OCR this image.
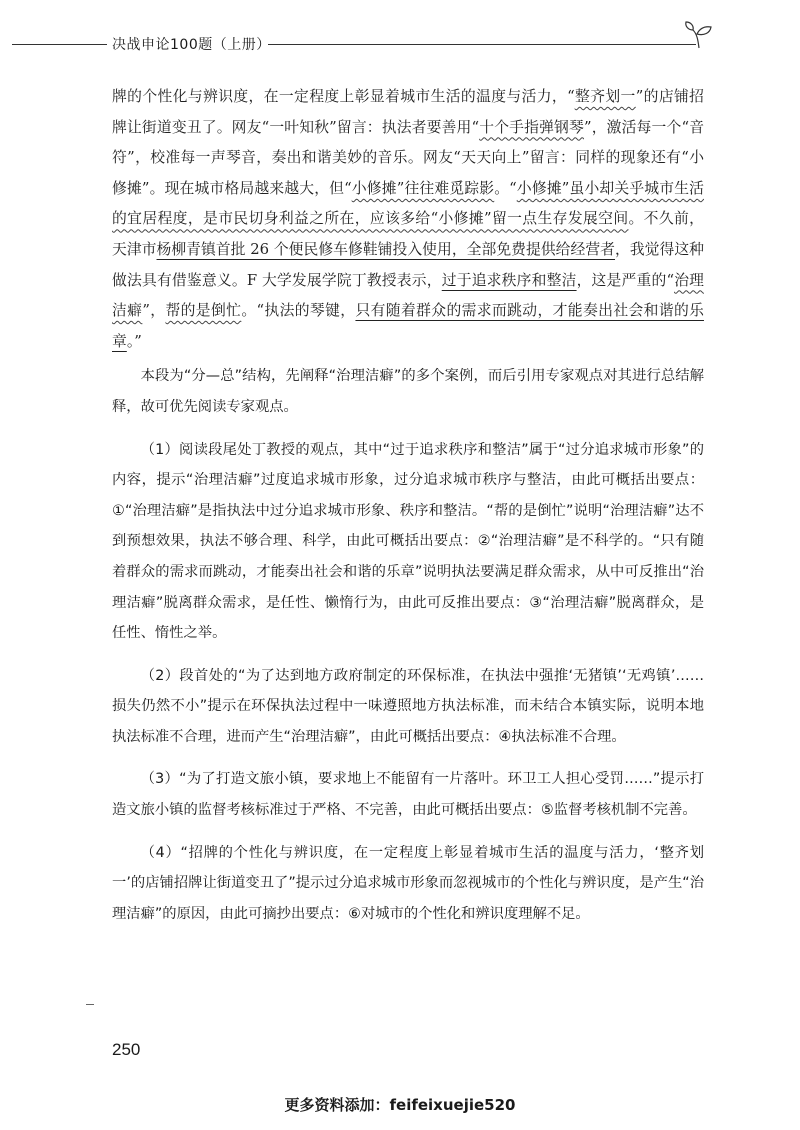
决战申论100题（上册）

牌的个性化与辨识度，在一定程度上彰显着城市生活的温度与活力，“整齐划一”的店铺招牌让街道变丑了。网友“一叶知秋”留言：执法者要善用“十个手指弹钢琴”，激活每一个“音符”，校准每一声琴音，奏出和谐美妙的音乐。网友“天天向上”留言：同样的现象还有“小修摊”。现在城市格局越来越大，但“小修摊”往往难觅踪影。“小修摊”虽小却关乎城市生活的宜居程度，是市民切身利益之所在，应该多给“小修摊”留一点生存发展空间。不久前，天津市杨柳青镇首批 26 个便民修车修鞋铺投入使用，全部免费提供给经营者，我觉得这种做法具有借鉴意义。F 大学发展学院丁教授表示，过于追求秩序和整洁，这是严重的“治理洁癖”，帮的是倒忙。“执法的琴键，只有随着群众的需求而跳动，才能奏出社会和谐的乐章。”

本段为“分—总”结构，先阐释“治理洁癖”的多个案例，而后引用专家观点对其进行总结解释，故可优先阅读专家观点。

（1）阅读段尾处丁教授的观点，其中“过于追求秩序和整洁”属于“过分追求城市形象”的内容，提示“治理洁癖”过度追求城市形象，过分追求城市秩序与整洁，由此可概括出要点：①“治理洁癖”是指执法中过分追求城市形象、秩序和整洁。“帮的是倒忙”说明“治理洁癖”达不到预想效果，执法不够合理、科学，由此可概括出要点：②“治理洁癖”是不科学的。“只有随着群众的需求而跳动，才能奏出社会和谐的乐章”说明执法要满足群众需求，从中可反推出“治理洁癖”脱离群众需求，是任性、懒惰行为，由此可反推出要点：③“治理洁癖”脱离群众，是任性、惰性之举。

（2）段首处的“为了达到地方政府制定的环保标准，在执法中强推‘无猪镇’‘无鸡镇’…… 损失仍然不小”提示在环保执法过程中一味遵照地方执法标准，而未结合本镇实际，说明本地执法标准不合理，进而产生“治理洁癖”，由此可概括出要点：④执法标准不合理。

（3）“为了打造文旅小镇，要求地上不能留有一片落叶。环卫工人担心受罚……”提示打造文旅小镇的监督考核标准过于严格、不完善，由此可概括出要点：⑤监督考核机制不完善。

（4）“招牌的个性化与辨识度，在一定程度上彰显着城市生活的温度与活力，‘整齐划一’的店铺招牌让街道变丑了”提示过分追求城市形象而忽视城市的个性化与辨识度，是产生“治理洁癖”的原因，由此可摘抄出要点：⑥对城市的个性化和辨识度理解不足。

250
更多资料添加：feifeixuejie520
